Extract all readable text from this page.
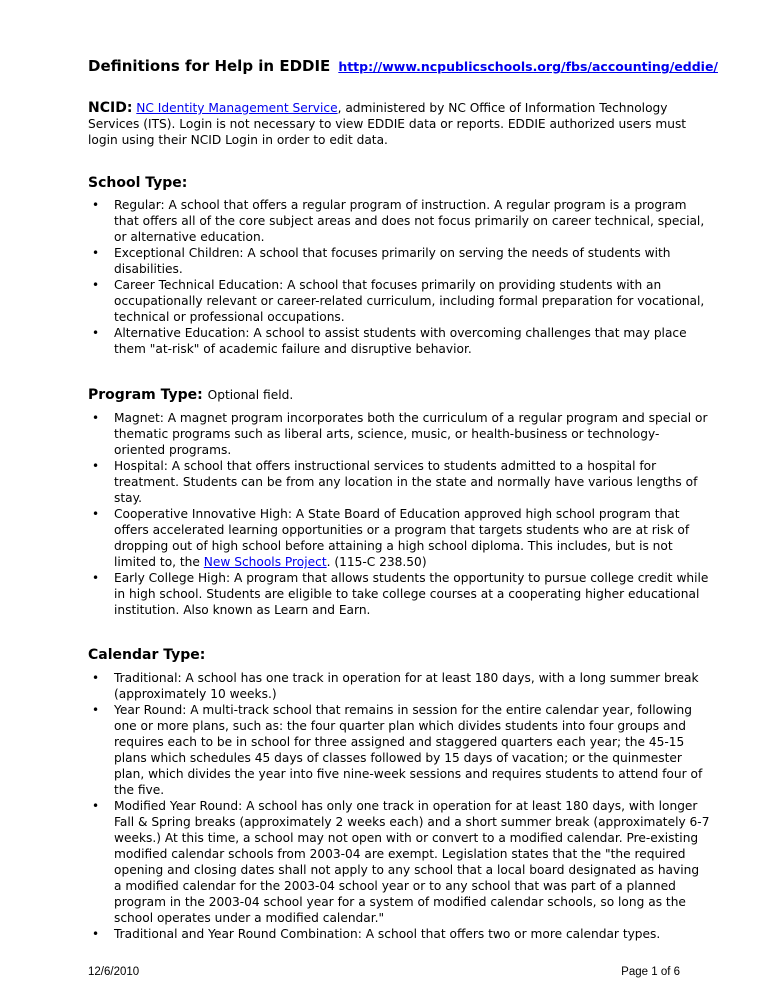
Definitions for Help in EDDIE http://www.ncpublicschools.org/fbs/accounting/eddie/
NCID: NC Identity Management Service, administered by NC Office of Information Technology Services (ITS). Login is not necessary to view EDDIE data or reports. EDDIE authorized users must login using their NCID Login in order to edit data.
School Type:
• Regular: A school that offers a regular program of instruction. A regular program is a program that offers all of the core subject areas and does not focus primarily on career technical, special, or alternative education.
• Exceptional Children: A school that focuses primarily on serving the needs of students with disabilities.
• Career Technical Education: A school that focuses primarily on providing students with an occupationally relevant or career-related curriculum, including formal preparation for vocational, technical or professional occupations.
• Alternative Education: A school to assist students with overcoming challenges that may place them "at-risk" of academic failure and disruptive behavior.
Program Type: Optional field.
• Magnet: A magnet program incorporates both the curriculum of a regular program and special or thematic programs such as liberal arts, science, music, or health-business or technology-oriented programs.
• Hospital: A school that offers instructional services to students admitted to a hospital for treatment. Students can be from any location in the state and normally have various lengths of stay.
• Cooperative Innovative High: A State Board of Education approved high school program that offers accelerated learning opportunities or a program that targets students who are at risk of dropping out of high school before attaining a high school diploma. This includes, but is not limited to, the New Schools Project. (115-C 238.50)
• Early College High: A program that allows students the opportunity to pursue college credit while in high school. Students are eligible to take college courses at a cooperating higher educational institution. Also known as Learn and Earn.
Calendar Type:
• Traditional: A school has one track in operation for at least 180 days, with a long summer break (approximately 10 weeks.)
• Year Round: A multi-track school that remains in session for the entire calendar year, following one or more plans, such as: the four quarter plan which divides students into four groups and requires each to be in school for three assigned and staggered quarters each year; the 45-15 plans which schedules 45 days of classes followed by 15 days of vacation; or the quinmester plan, which divides the year into five nine-week sessions and requires students to attend four of the five.
• Modified Year Round: A school has only one track in operation for at least 180 days, with longer Fall & Spring breaks (approximately 2 weeks each) and a short summer break (approximately 6-7 weeks.) At this time, a school may not open with or convert to a modified calendar. Pre-existing modified calendar schools from 2003-04 are exempt. Legislation states that the "the required opening and closing dates shall not apply to any school that a local board designated as having a modified calendar for the 2003-04 school year or to any school that was part of a planned program in the 2003-04 school year for a system of modified calendar schools, so long as the school operates under a modified calendar."
• Traditional and Year Round Combination: A school that offers two or more calendar types.
12/6/2010	Page 1 of 6
